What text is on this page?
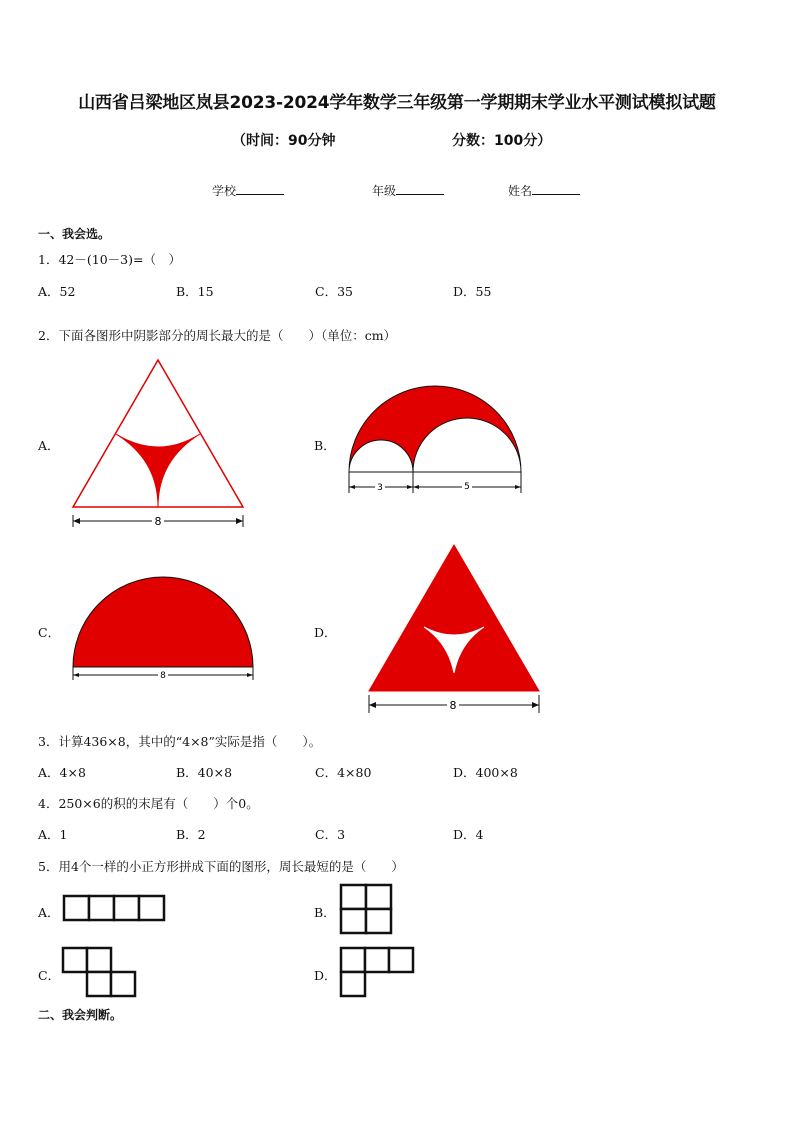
山西省吕梁地区岚县2023-2024学年数学三年级第一学期期末学业水平测试模拟试题
（时间：90分钟	分数：100分）
学校	年级	姓名
一、我会选。
1．42－(10－3)=（　）
A．52	B．15	C．35	D．55
2．下面各图形中阴影部分的周长最大的是（　　）（单位：cm）
A．
8
B．
3	5
C．
8
D．
8
3．计算436×8，其中的“4×8”实际是指（　　）。
A．4×8	B．40×8	C．4×80	D．400×8
4．250×6的积的末尾有（　　）个0。
A．1	B．2	C．3	D．4
5．用4个一样的小正方形拼成下面的图形，周长最短的是（　　）
A．	B．
C．	D．
二、我会判断。
